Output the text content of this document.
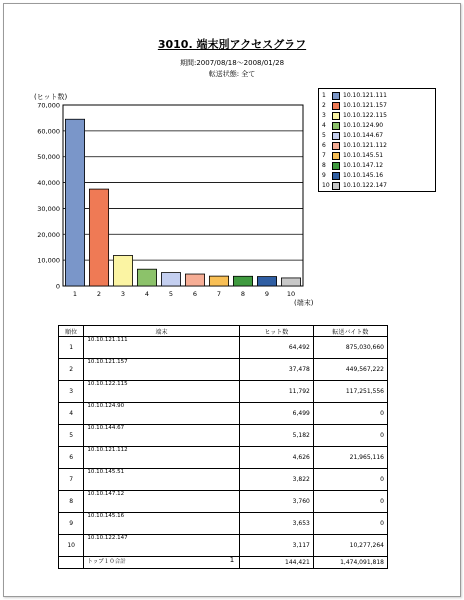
3010. 端末別アクセスグラフ
期間:2007/08/18～2008/01/28
転送状態: 全て
0
10,000
20,000
30,000
40,000
50,000
60,000
70,000
(ヒット数)
(端末)
1	2	3	4	5	6	7	8	9	10
1	10.10.121.111
2	10.10.121.157
3	10.10.122.115
4	10.10.124.90
5	10.10.144.67
6	10.10.121.112
7	10.10.145.51
8	10.10.147.12
9	10.10.145.16
10 10.10.122.147
順位	端末	ヒット数	転送バイト数
1	10.10.121.111	64,492	875,030,660
2	10.10.121.157	37,478	449,567,222
3	10.10.122.115	11,792	117,251,556
4	10.10.124.90	6,499	0
5	10.10.144.67	5,182	0
6	10.10.121.112	4,626	21,965,116
7	10.10.145.51	3,822	0
8	10.10.147.12	3,760	0
9	10.10.145.16	3,653	0
10	10.10.122.147	3,117	10,277,264
	トップ１０合計	144,421	1,474,091,818
1
